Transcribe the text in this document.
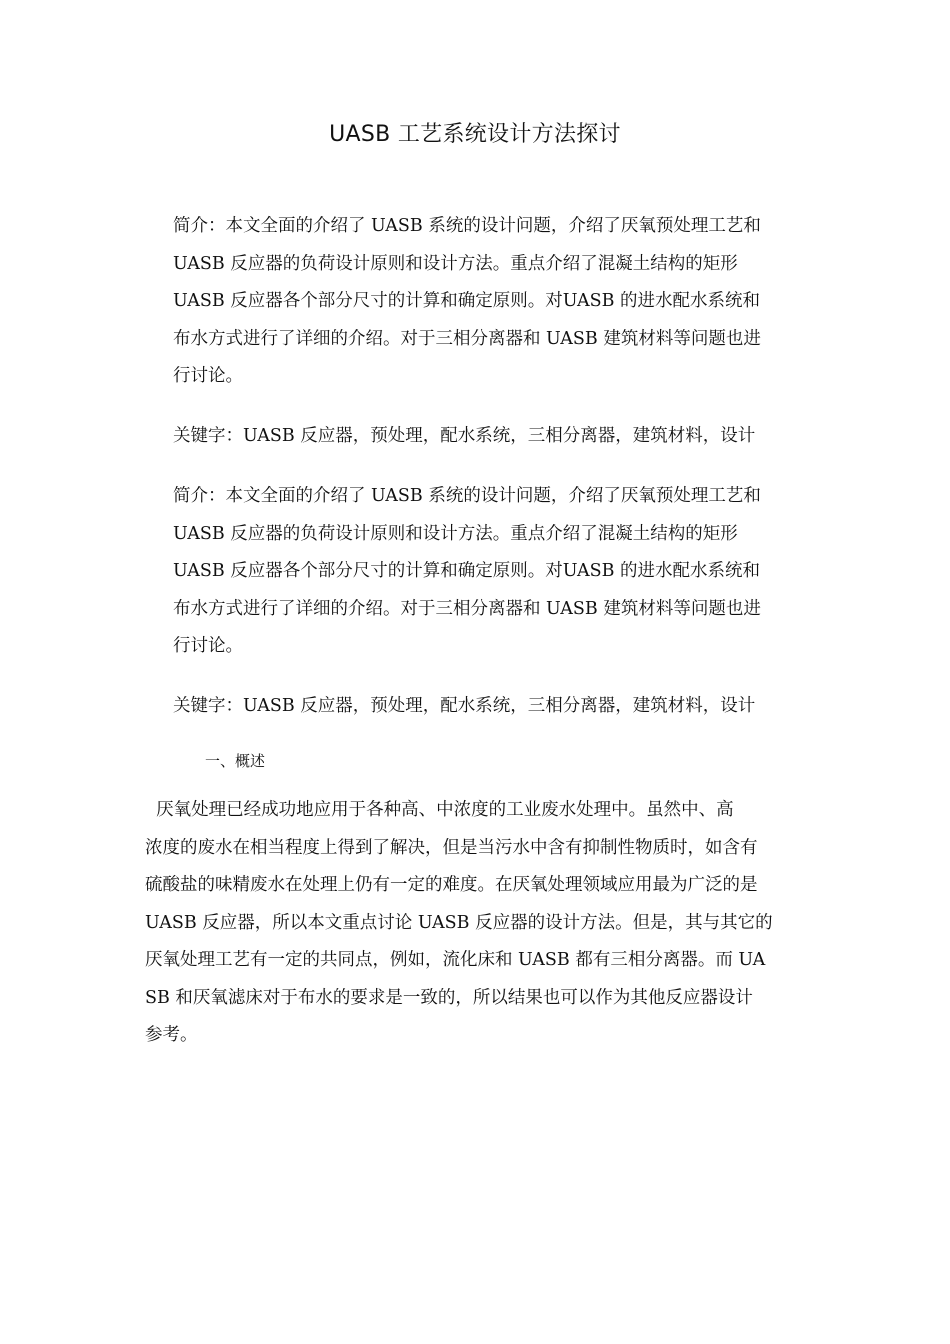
UASB 工艺系统设计方法探讨
简介：本文全面的介绍了 UASB 系统的设计问题，介绍了厌氧预处理工艺和
UASB 反应器的负荷设计原则和设计方法。重点介绍了混凝土结构的矩形
UASB 反应器各个部分尺寸的计算和确定原则。对UASB 的进水配水系统和
布水方式进行了详细的介绍。对于三相分离器和 UASB 建筑材料等问题也进
行讨论。
关键字：UASB 反应器，预处理，配水系统，三相分离器，建筑材料，设计
简介：本文全面的介绍了 UASB 系统的设计问题，介绍了厌氧预处理工艺和
UASB 反应器的负荷设计原则和设计方法。重点介绍了混凝土结构的矩形
UASB 反应器各个部分尺寸的计算和确定原则。对UASB 的进水配水系统和
布水方式进行了详细的介绍。对于三相分离器和 UASB 建筑材料等问题也进
行讨论。
关键字：UASB 反应器，预处理，配水系统，三相分离器，建筑材料，设计
一、概述
厌氧处理已经成功地应用于各种高、中浓度的工业废水处理中。虽然中、高
浓度的废水在相当程度上得到了解决，但是当污水中含有抑制性物质时，如含有
硫酸盐的味精废水在处理上仍有一定的难度。在厌氧处理领域应用最为广泛的是
UASB 反应器，所以本文重点讨论 UASB 反应器的设计方法。但是，其与其它的
厌氧处理工艺有一定的共同点，例如，流化床和 UASB 都有三相分离器。而 UA
SB 和厌氧滤床对于布水的要求是一致的，所以结果也可以作为其他反应器设计
参考。
